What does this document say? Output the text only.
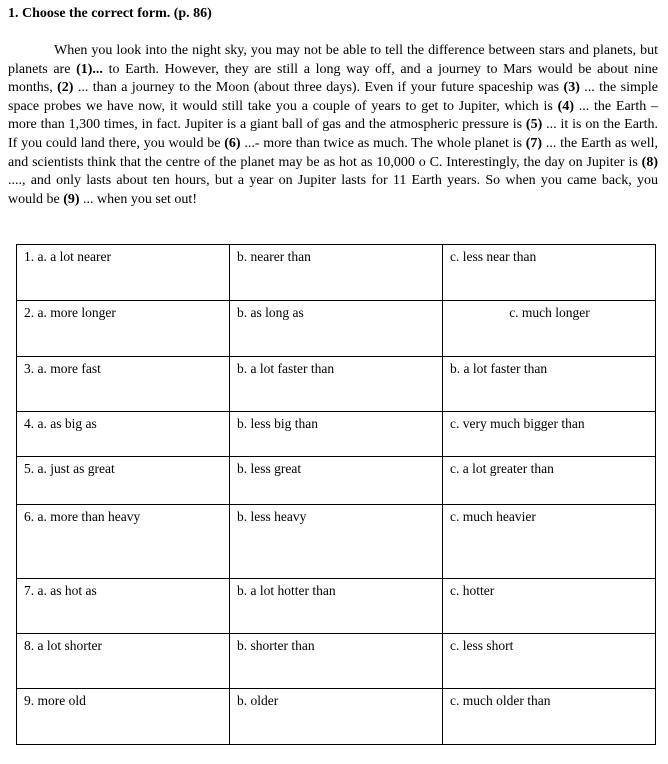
1. Choose the correct form. (p. 86)

When you look into the night sky, you may not be able to tell the difference between stars and planets, but planets are (1)... to Earth. However, they are still a long way off, and a journey to Mars would be about nine months, (2) ... than a journey to the Moon (about three days). Even if your future spaceship was (3) ... the simple space probes we have now, it would still take you a couple of years to get to Jupiter, which is (4) ... the Earth – more than 1,300 times, in fact. Jupiter is a giant ball of gas and the atmospheric pressure is (5) ... it is on the Earth. If you could land there, you would be (6) ...- more than twice as much. The whole planet is (7) ... the Earth as well, and scientists think that the centre of the planet may be as hot as 10,000 o C. Interestingly, the day on Jupiter is (8) ...., and only lasts about ten hours, but a year on Jupiter lasts for 11 Earth years. So when you came back, you would be (9) ... when you set out!

1. a. a lot nearer	b. nearer than	c. less near than
2. a. more longer	b. as long as	c. much longer
3. a. more fast	b. a lot faster than	b. a lot faster than
4. a. as big as	b. less big than	c. very much bigger than
5. a. just as great	b. less great	c. a lot greater than
6. a. more than heavy	b. less heavy	c. much heavier
7. a. as hot as	b. a lot hotter than	c. hotter
8. a lot shorter	b. shorter than	c. less short
9. more old	b. older	c. much older than
